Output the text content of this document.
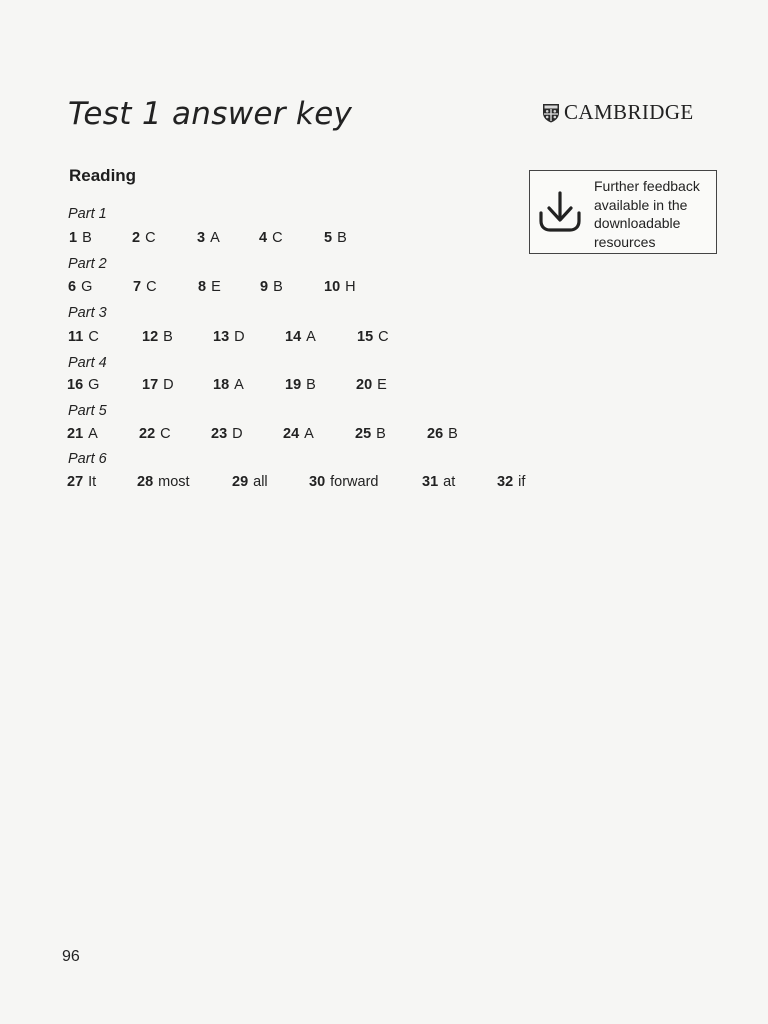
Test 1 answer key	CAMBRIDGE
Reading
Further feedback
available in the
downloadable
resources
Part 1
1 B	2 C	3 A	4 C	5 B
Part 2
6 G	7 C	8 E	9 B	10 H
Part 3
11 C	12 B	13 D	14 A	15 C
Part 4
16 G	17 D	18 A	19 B	20 E
Part 5
21 A	22 C	23 D	24 A	25 B	26 B
Part 6
27 It	28 most	29 all	30 forward	31 at	32 if
96
